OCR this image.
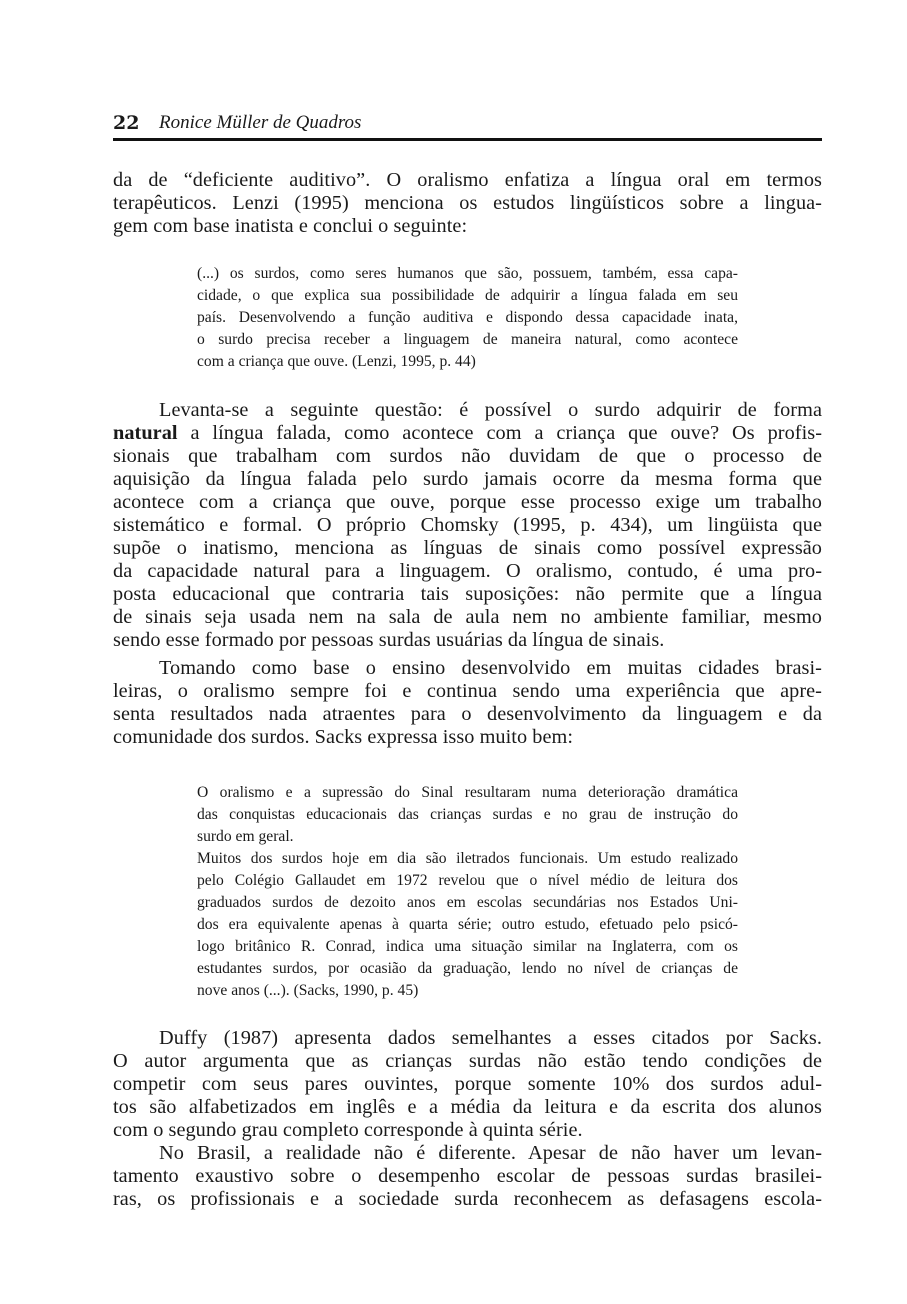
22 Ronice Müller de Quadros
da de “deficiente auditivo”. O oralismo enfatiza a língua oral em termos
terapêuticos. Lenzi (1995) menciona os estudos lingüísticos sobre a lingua-
gem com base inatista e conclui o seguinte:
(...) os surdos, como seres humanos que são, possuem, também, essa capa-
cidade, o que explica sua possibilidade de adquirir a língua falada em seu
país. Desenvolvendo a função auditiva e dispondo dessa capacidade inata,
o surdo precisa receber a linguagem de maneira natural, como acontece
com a criança que ouve. (Lenzi, 1995, p. 44)
Levanta-se a seguinte questão: é possível o surdo adquirir de forma
natural a língua falada, como acontece com a criança que ouve? Os profis-
sionais que trabalham com surdos não duvidam de que o processo de
aquisição da língua falada pelo surdo jamais ocorre da mesma forma que
acontece com a criança que ouve, porque esse processo exige um trabalho
sistemático e formal. O próprio Chomsky (1995, p. 434), um lingüista que
supõe o inatismo, menciona as línguas de sinais como possível expressão
da capacidade natural para a linguagem. O oralismo, contudo, é uma pro-
posta educacional que contraria tais suposições: não permite que a língua
de sinais seja usada nem na sala de aula nem no ambiente familiar, mesmo
sendo esse formado por pessoas surdas usuárias da língua de sinais.
Tomando como base o ensino desenvolvido em muitas cidades brasi-
leiras, o oralismo sempre foi e continua sendo uma experiência que apre-
senta resultados nada atraentes para o desenvolvimento da linguagem e da
comunidade dos surdos. Sacks expressa isso muito bem:
O oralismo e a supressão do Sinal resultaram numa deterioração dramática
das conquistas educacionais das crianças surdas e no grau de instrução do
surdo em geral.
Muitos dos surdos hoje em dia são iletrados funcionais. Um estudo realizado
pelo Colégio Gallaudet em 1972 revelou que o nível médio de leitura dos
graduados surdos de dezoito anos em escolas secundárias nos Estados Uni-
dos era equivalente apenas à quarta série; outro estudo, efetuado pelo psicó-
logo britânico R. Conrad, indica uma situação similar na Inglaterra, com os
estudantes surdos, por ocasião da graduação, lendo no nível de crianças de
nove anos (...). (Sacks, 1990, p. 45)
Duffy (1987) apresenta dados semelhantes a esses citados por Sacks.
O autor argumenta que as crianças surdas não estão tendo condições de
competir com seus pares ouvintes, porque somente 10% dos surdos adul-
tos são alfabetizados em inglês e a média da leitura e da escrita dos alunos
com o segundo grau completo corresponde à quinta série.
No Brasil, a realidade não é diferente. Apesar de não haver um levan-
tamento exaustivo sobre o desempenho escolar de pessoas surdas brasilei-
ras, os profissionais e a sociedade surda reconhecem as defasagens escola-
